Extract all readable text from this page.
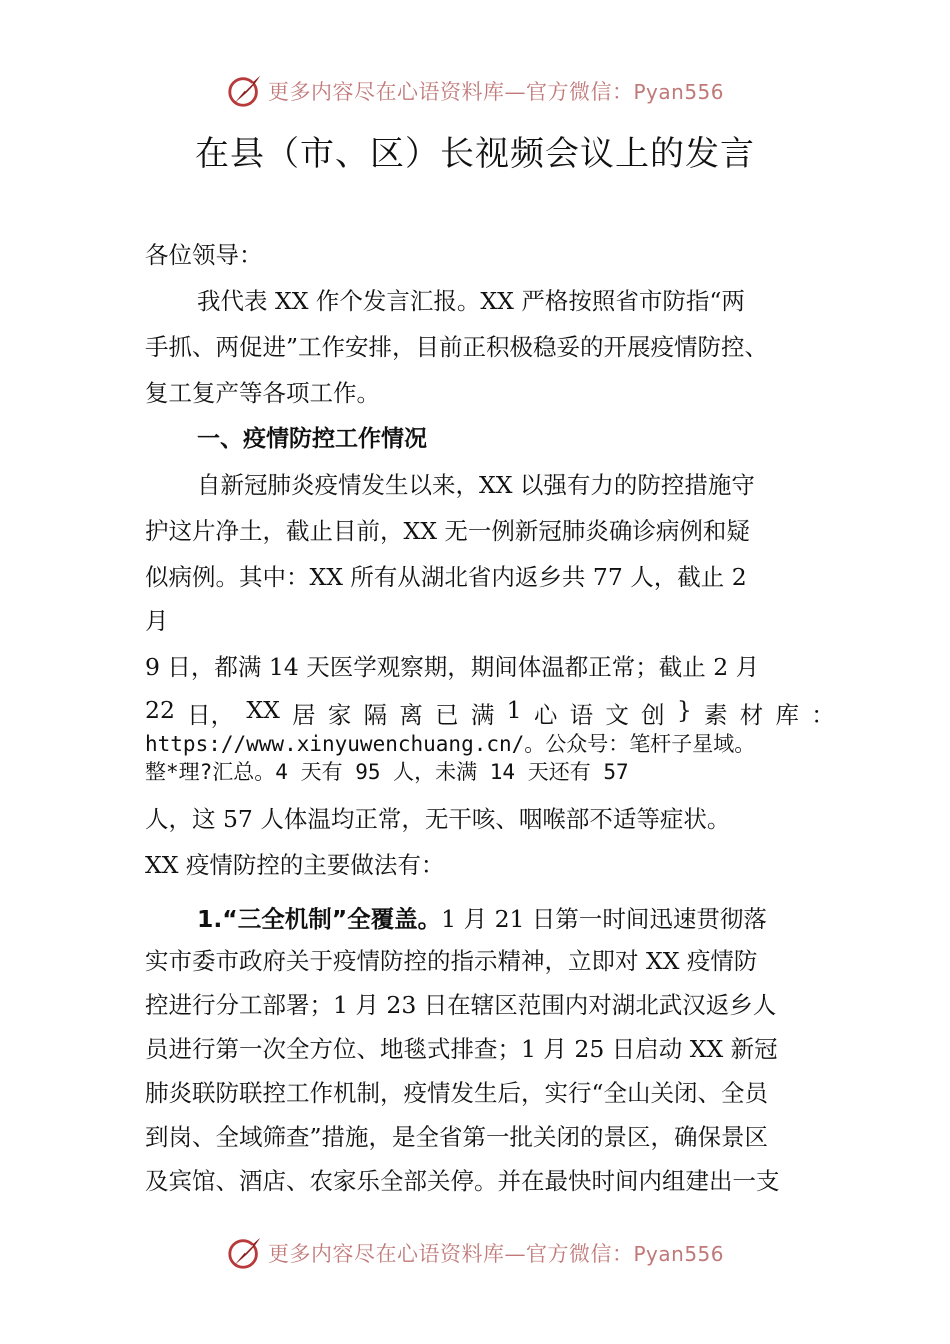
更多内容尽在心语资料库—官方微信：Pyan556
在县（市、区）长视频会议上的发言
各位领导：
我代表 XX 作个发言汇报。XX 严格按照省市防指“两
手抓、两促进”工作安排，目前正积极稳妥的开展疫情防控、
复工复产等各项工作。
一、疫情防控工作情况
自新冠肺炎疫情发生以来，XX 以强有力的防控措施守
护这片净土，截止目前，XX 无一例新冠肺炎确诊病例和疑
似病例。其中：XX 所有从湖北省内返乡共 77 人，截止 2
月
9 日，都满 14 天医学观察期，期间体温都正常；截止 2 月
22 日， XX 居 家 隔 离 已 满 1 心 语 文 创 } 素 材 库 ：
https://www.xinyuwenchuang.cn/。公众号：笔杆子星域。
整*理?汇总。4 天有 95 人，未满 14 天还有 57
人，这 57 人体温均正常，无干咳、咽喉部不适等症状。
XX 疫情防控的主要做法有：
1.“三全机制”全覆盖。1 月 21 日第一时间迅速贯彻落
实市委市政府关于疫情防控的指示精神，立即对 XX 疫情防
控进行分工部署；1 月 23 日在辖区范围内对湖北武汉返乡人
员进行第一次全方位、地毯式排查；1 月 25 日启动 XX 新冠
肺炎联防联控工作机制，疫情发生后，实行“全山关闭、全员
到岗、全域筛查”措施，是全省第一批关闭的景区，确保景区
及宾馆、酒店、农家乐全部关停。并在最快时间内组建出一支
更多内容尽在心语资料库—官方微信：Pyan556
